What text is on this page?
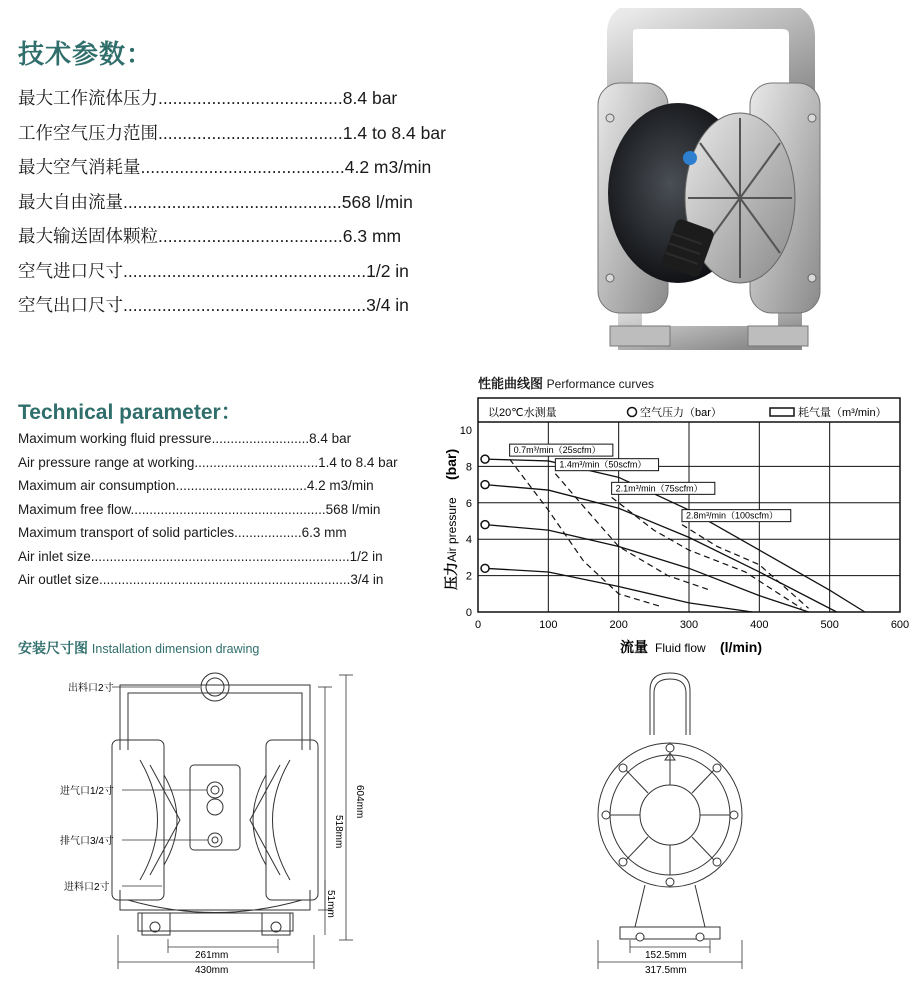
技术参数：
最大工作流体压力......................................8.4 bar
工作空气压力范围......................................1.4 to 8.4 bar
最大空气消耗量..........................................4.2 m3/min
最大自由流量.............................................568 l/min
最大输送固体颗粒......................................6.3 mm
空气进口尺寸..................................................1/2 in
空气出口尺寸..................................................3/4 in
Technical parameter：
Maximum working fluid pressure..........................8.4 bar
Air pressure range at working.................................1.4 to 8.4 bar
Maximum air consumption...................................4.2 m3/min
Maximum free flow....................................................568 l/min
Maximum transport of solid particles..................6.3 mm
Air inlet size.....................................................................1/2 in
Air outlet size...................................................................3/4 in
性能曲线图 Performance curves
0.7m³/min（25scfm）
1.4m³/min（50scfm）
2.1m³/min（75scfm）
2.8m³/min（100scfm）
0	100	200	300	400	500	600
0
2
4
6
8
10
以20℃水测量	空气压力（bar）	耗气量（m³/min）
流量 Fluid flow (l/min)
压力
Air pressure
(bar)
安装尺寸图 Installation dimension drawing
出料口2寸
进气口1/2寸
排气口3/4寸
进料口2寸
261mm
430mm
518mm
604mm
51mm
152.5mm
317.5mm
